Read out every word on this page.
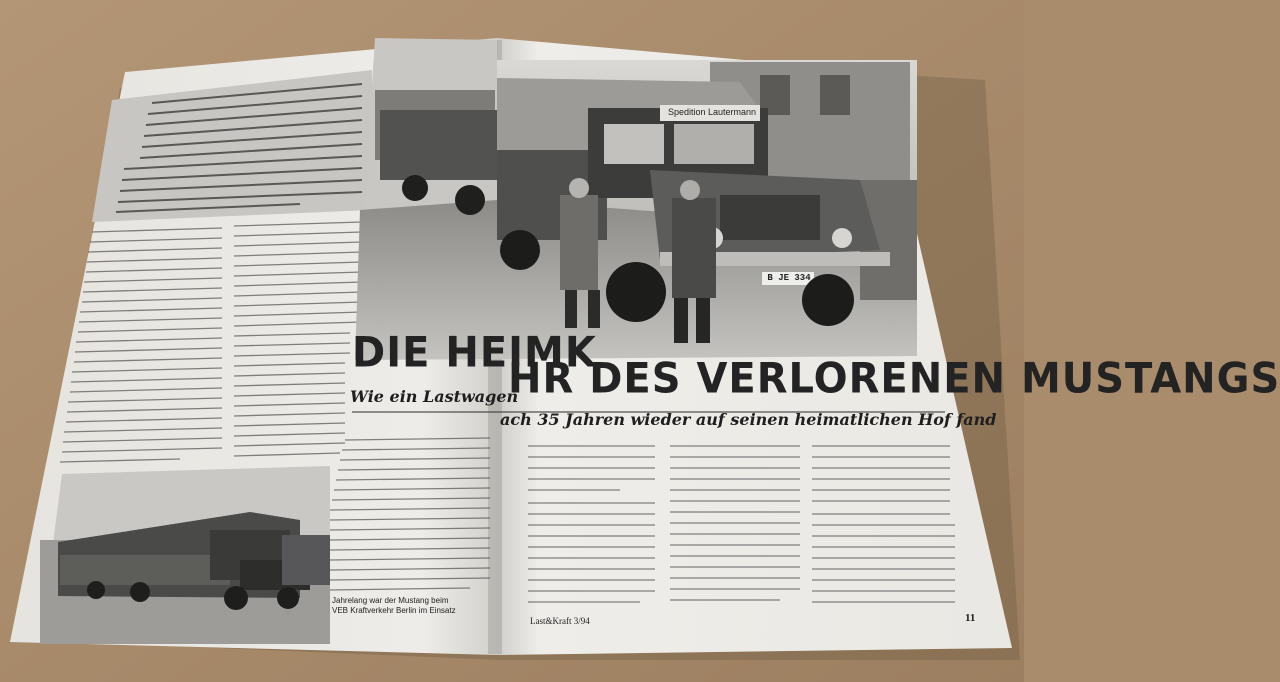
DIE HEIMK
HR DES VERLORENEN MUSTANGS
Wie ein Lastwagen
ach 35 Jahren wieder auf seinen heimatlichen Hof fand
Spedition Lautermann
B JE 334
Jahrelang war der Mustang beim
VEB Kraftverkehr Berlin im Einsatz
Last&Kraft 3/94	11
